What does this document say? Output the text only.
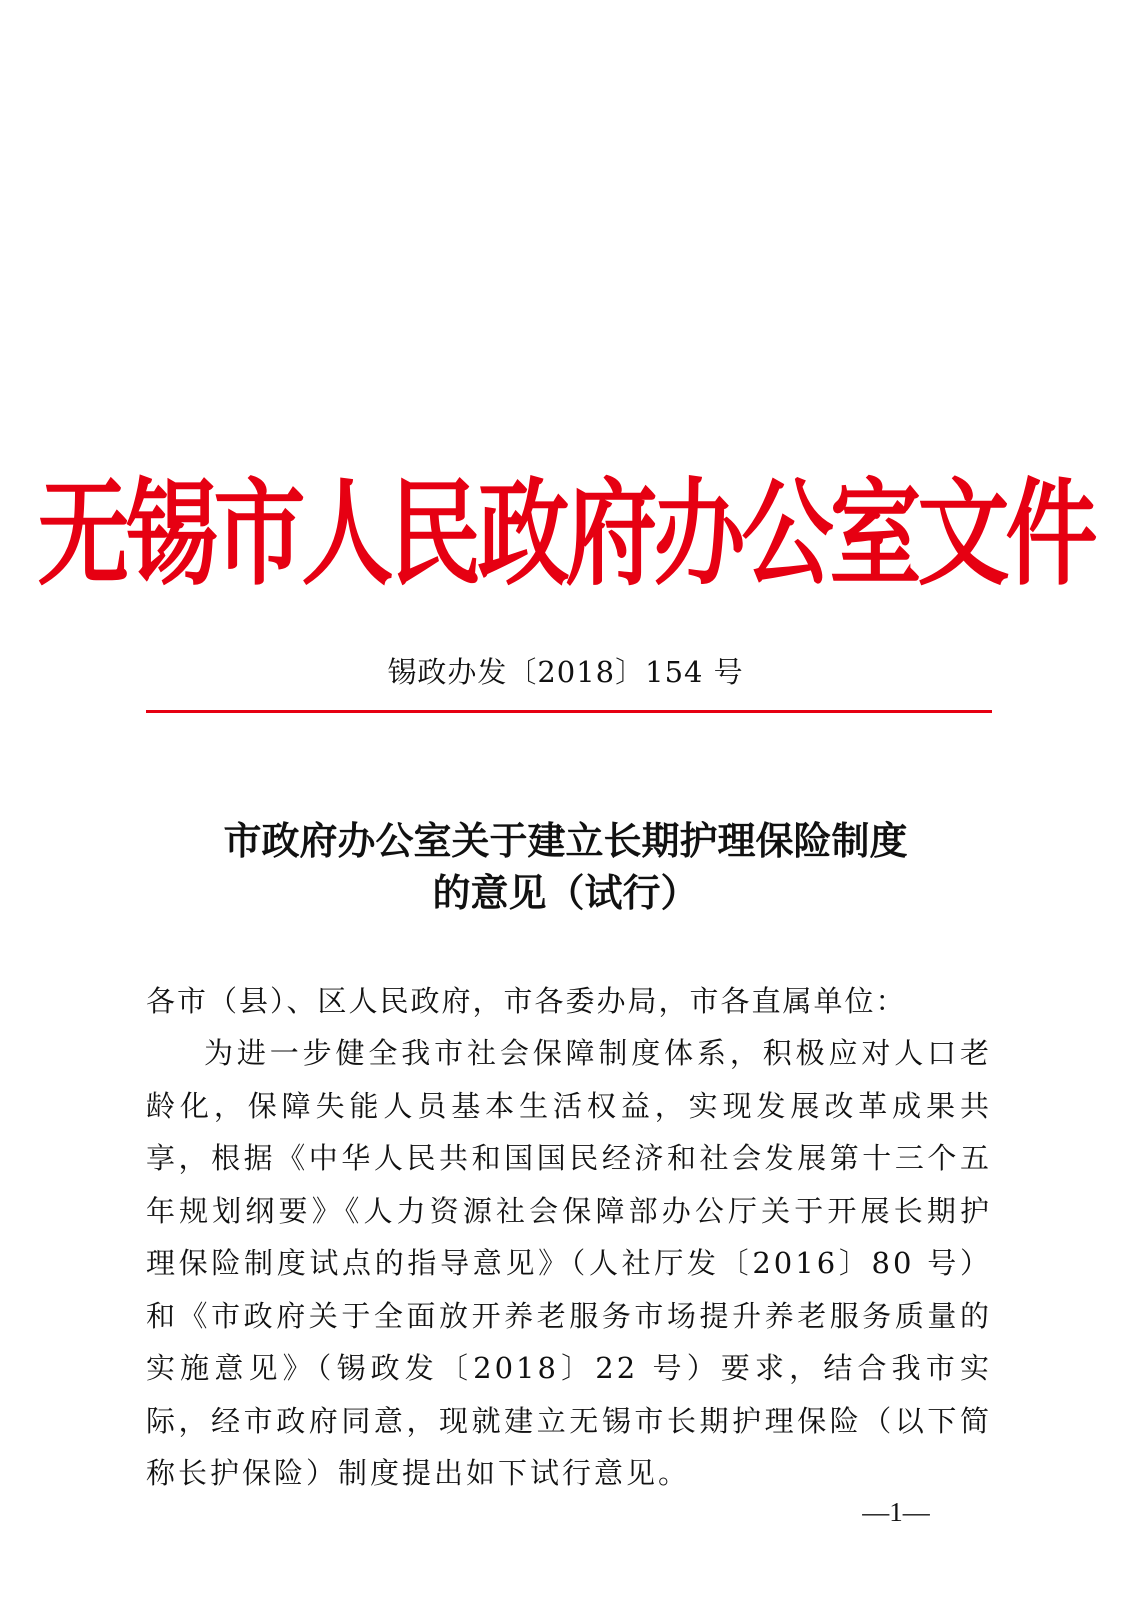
无锡市人民政府办公室文件
锡政办发〔2018〕154 号
市政府办公室关于建立长期护理保险制度
的意见（试行）
各市（县）、区人民政府，市各委办局，市各直属单位：
为进一步健全我市社会保障制度体系，积极应对人口老龄化，保障失能人员基本生活权益，实现发展改革成果共享，根据《中华人民共和国国民经济和社会发展第十三个五年规划纲要》《人力资源社会保障部办公厅关于开展长期护理保险制度试点的指导意见》（人社厅发〔2016〕80 号）和《市政府关于全面放开养老服务市场提升养老服务质量的实施意见》（锡政发〔2018〕22 号）要求，结合我市实际，经市政府同意，现就建立无锡市长期护理保险（以下简称长护保险）制度提出如下试行意见。
—1—
